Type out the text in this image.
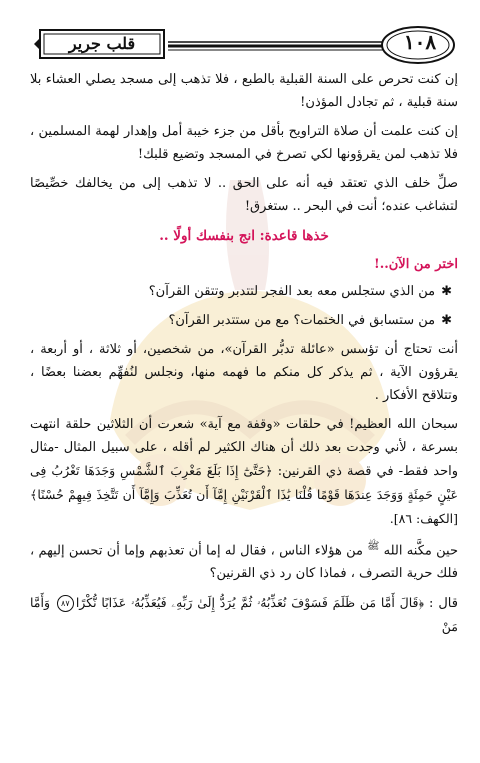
قلب جرير	١٠٨

إن كنت تحرص على السنة القبلية بالطبع ، فلا تذهب إلى مسجد يصلي العشاء بلا سنة قبلية ، ثم تجادل المؤذن!

إن كنت علمت أن صلاة التراويح بأقل من جزء خيبة أمل وإهدار لهمة المسلمين ، فلا تذهب لمن يقرؤونها لكي تصرخ في المسجد وتضيع قلبك!

صلِّ خلف الذي تعتقد فيه أنه على الحق .. لا تذهب إلى من يخالفك خصِّيصًا لتشاغب عنده؛ أنت في البحر .. ستغرق!

خذها قاعدة: انج بنفسك أولًا ..
اختر من الآن..!
✱من الذي ستجلس معه بعد الفجر لتتدبر وتتقن القرآن؟
✱من ستسابق في الختمات؟ مع من ستتدبر القرآن؟

أنت تحتاج أن تؤسس «عائلة تدبُّر القرآن»، من شخصين، أو ثلاثة ، أو أربعة ، يقرؤون الآية ، ثم يذكر كل منكم ما فهمه منها، ونجلس لنُفهِّم بعضنا بعضًا ، وتتلاقح الأفكار .

سبحان الله العظيم! في حلقات «وقفة مع آية» شعرت أن الثلاثين حلقة انتهت بسرعة ، لأني وجدت بعد ذلك أن هناك الكثير لم أقله ، على سبيل المثال -مثال واحد فقط- في قصة ذي القرنين: ﴿حَتَّىٰٓ إِذَا بَلَغَ مَغْرِبَ ٱلشَّمْسِ وَجَدَهَا تَغْرُبُ فِى عَيْنٍ حَمِئَةٍ وَوَجَدَ عِندَهَا قَوْمًا قُلْنَا يَٰذَا ٱلْقَرْنَيْنِ إِمَّآ أَن تُعَذِّبَ وَإِمَّآ أَن تَتَّخِذَ فِيهِمْ حُسْنًا﴾ [الكهف: ٨٦].

حين مكَّنه الله $^ﷺ$ من هؤلاء الناس ، فقال له إما أن تعذبهم وإما أن تحسن إليهم ، فلك حرية التصرف ، فماذا كان رد ذي القرنين؟

قال : ﴿قَالَ أَمَّا مَن ظَلَمَ فَسَوْفَ نُعَذِّبُهُۥ ثُمَّ يُرَدُّ إِلَىٰ رَبِّهِۦ فَيُعَذِّبُهُۥ عَذَابًا نُّكْرًا٨٧ وَأَمَّا مَنْ
